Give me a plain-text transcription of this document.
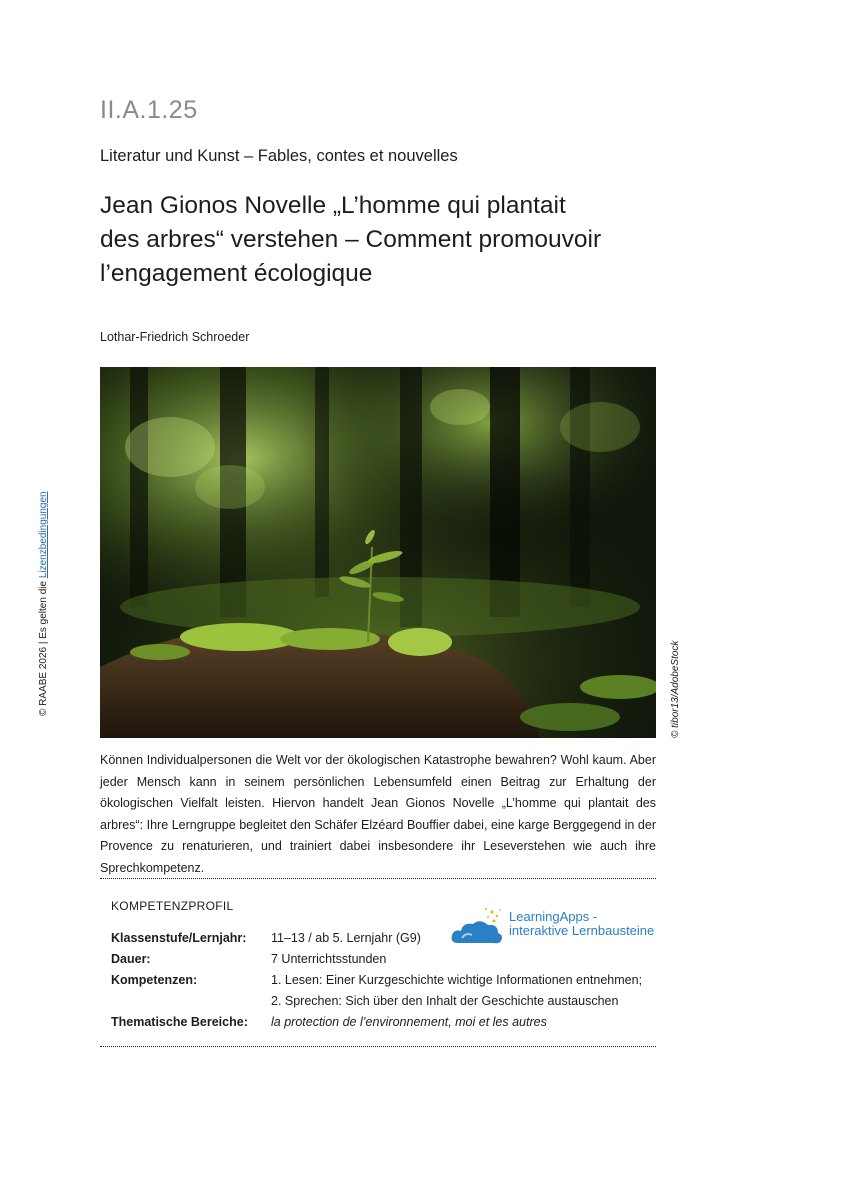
II.A.1.25
Literatur und Kunst – Fables, contes et nouvelles
Jean Gionos Novelle „L’homme qui plantait
des arbres“ verstehen – Comment promouvoir
l’engagement écologique
Lothar-Friedrich Schroeder
© tibor13/AdobeStock
© RAABE 2026 | Es gelten die Lizenzbedingungen
Können Individualpersonen die Welt vor der ökologischen Katastrophe bewahren? Wohl kaum. Aber jeder Mensch kann in seinem persönlichen Lebensumfeld einen Beitrag zur Erhaltung der ökologischen Vielfalt leisten. Hiervon handelt Jean Gionos Novelle „L’homme qui plantait des arbres“: Ihre Lerngruppe begleitet den Schäfer Elzéard Bouffier dabei, eine karge Berggegend in der Provence zu renaturieren, und trainiert dabei insbesondere ihr Leseverstehen wie auch ihre Sprechkompetenz.
KOMPETENZPROFIL
Klassenstufe/Lernjahr: 11–13 / ab 5. Lernjahr (G9)
Dauer:	7 Unterrichtsstunden
Kompetenzen:	1. Lesen: Einer Kurzgeschichte wichtige Informationen entnehmen;
2. Sprechen: Sich über den Inhalt der Geschichte austauschen
Thematische Bereiche: la protection de l’environnement, moi et les autres
LearningApps -
interaktive Lernbausteine
